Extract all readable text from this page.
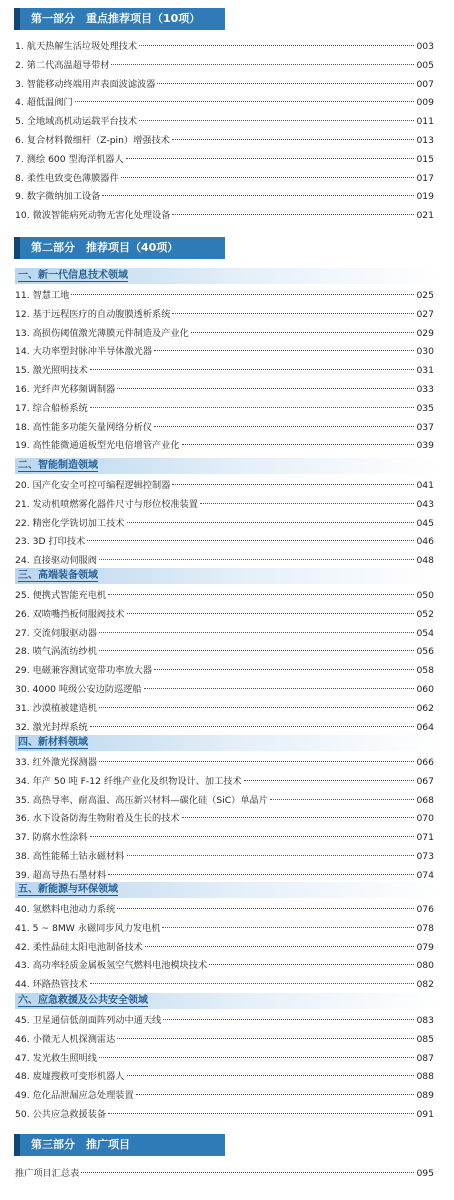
第一部分　重点推荐项目（10项）
1. 航天热解生活垃圾处理技术	003
2. 第二代高温超导带材	005
3. 智能移动终端用声表面波滤波器	007
4. 超低温阀门	009
5. 全地域高机动运载平台技术	011
6. 复合材料微细杆（Z-pin）增强技术	013
7. 测绘 600 型海洋机器人	015
8. 柔性电致变色薄膜器件	017
9. 数字微纳加工设备	019
10. 微波智能病死动物无害化处理设备	021
第二部分　推荐项目（40项）
一、新一代信息技术领域
11. 智慧工地	025
12. 基于远程医疗的自动腹膜透析系统	027
13. 高损伤阈值激光薄膜元件制造及产业化	029
14. 大功率塑封脉冲半导体激光器	030
15. 激光照明技术	031
16. 光纤声光移频调制器	033
17. 综合船桥系统	035
18. 高性能多功能矢量网络分析仪	037
19. 高性能微通道板型光电倍增管产业化	039
二、智能制造领域
20. 国产化安全可控可编程逻辑控制器	041
21. 发动机喷燃雾化器件尺寸与形位校准装置	043
22. 精密化学铣切加工技术	045
23. 3D 打印技术	046
24. 直接驱动伺服阀	048
三、高端装备领域
25. 便携式智能充电机	050
26. 双喷嘴挡板伺服阀技术	052
27. 交流伺服驱动器	054
28. 喷气涡流纺纱机	056
29. 电磁兼容测试宽带功率放大器	058
30. 4000 吨级公安边防巡逻船	060
31. 沙漠植被建造机	062
32. 激光封焊系统	064
四、新材料领域
33. 红外激光探测器	066
34. 年产 50 吨 F-12 纤维产业化及织物设计、加工技术	067
35. 高热导率、耐高温、高压新兴材料—碳化硅（SiC）单晶片	068
36. 水下设备防海生物附着及生长的技术	070
37. 防腐水性涂料	071
38. 高性能稀土钴永磁材料	073
39. 超高导热石墨材料	074
五、新能源与环保领域
40. 氢燃料电池动力系统	076
41. 5 ~ 8MW 永磁同步风力发电机	078
42. 柔性晶硅太阳电池制备技术	079
43. 高功率轻质金属板氢空气燃料电池模块技术	080
44. 环路热管技术	082
六、应急救援及公共安全领域
45. 卫星通信低剖面阵列动中通天线	083
46. 小微无人机探测雷达	085
47. 发光救生照明线	087
48. 废墟搜救可变形机器人	088
49. 危化品泄漏应急处理装置	089
50. 公共应急救援装备	091
第三部分　推广项目
推广项目汇总表	095
